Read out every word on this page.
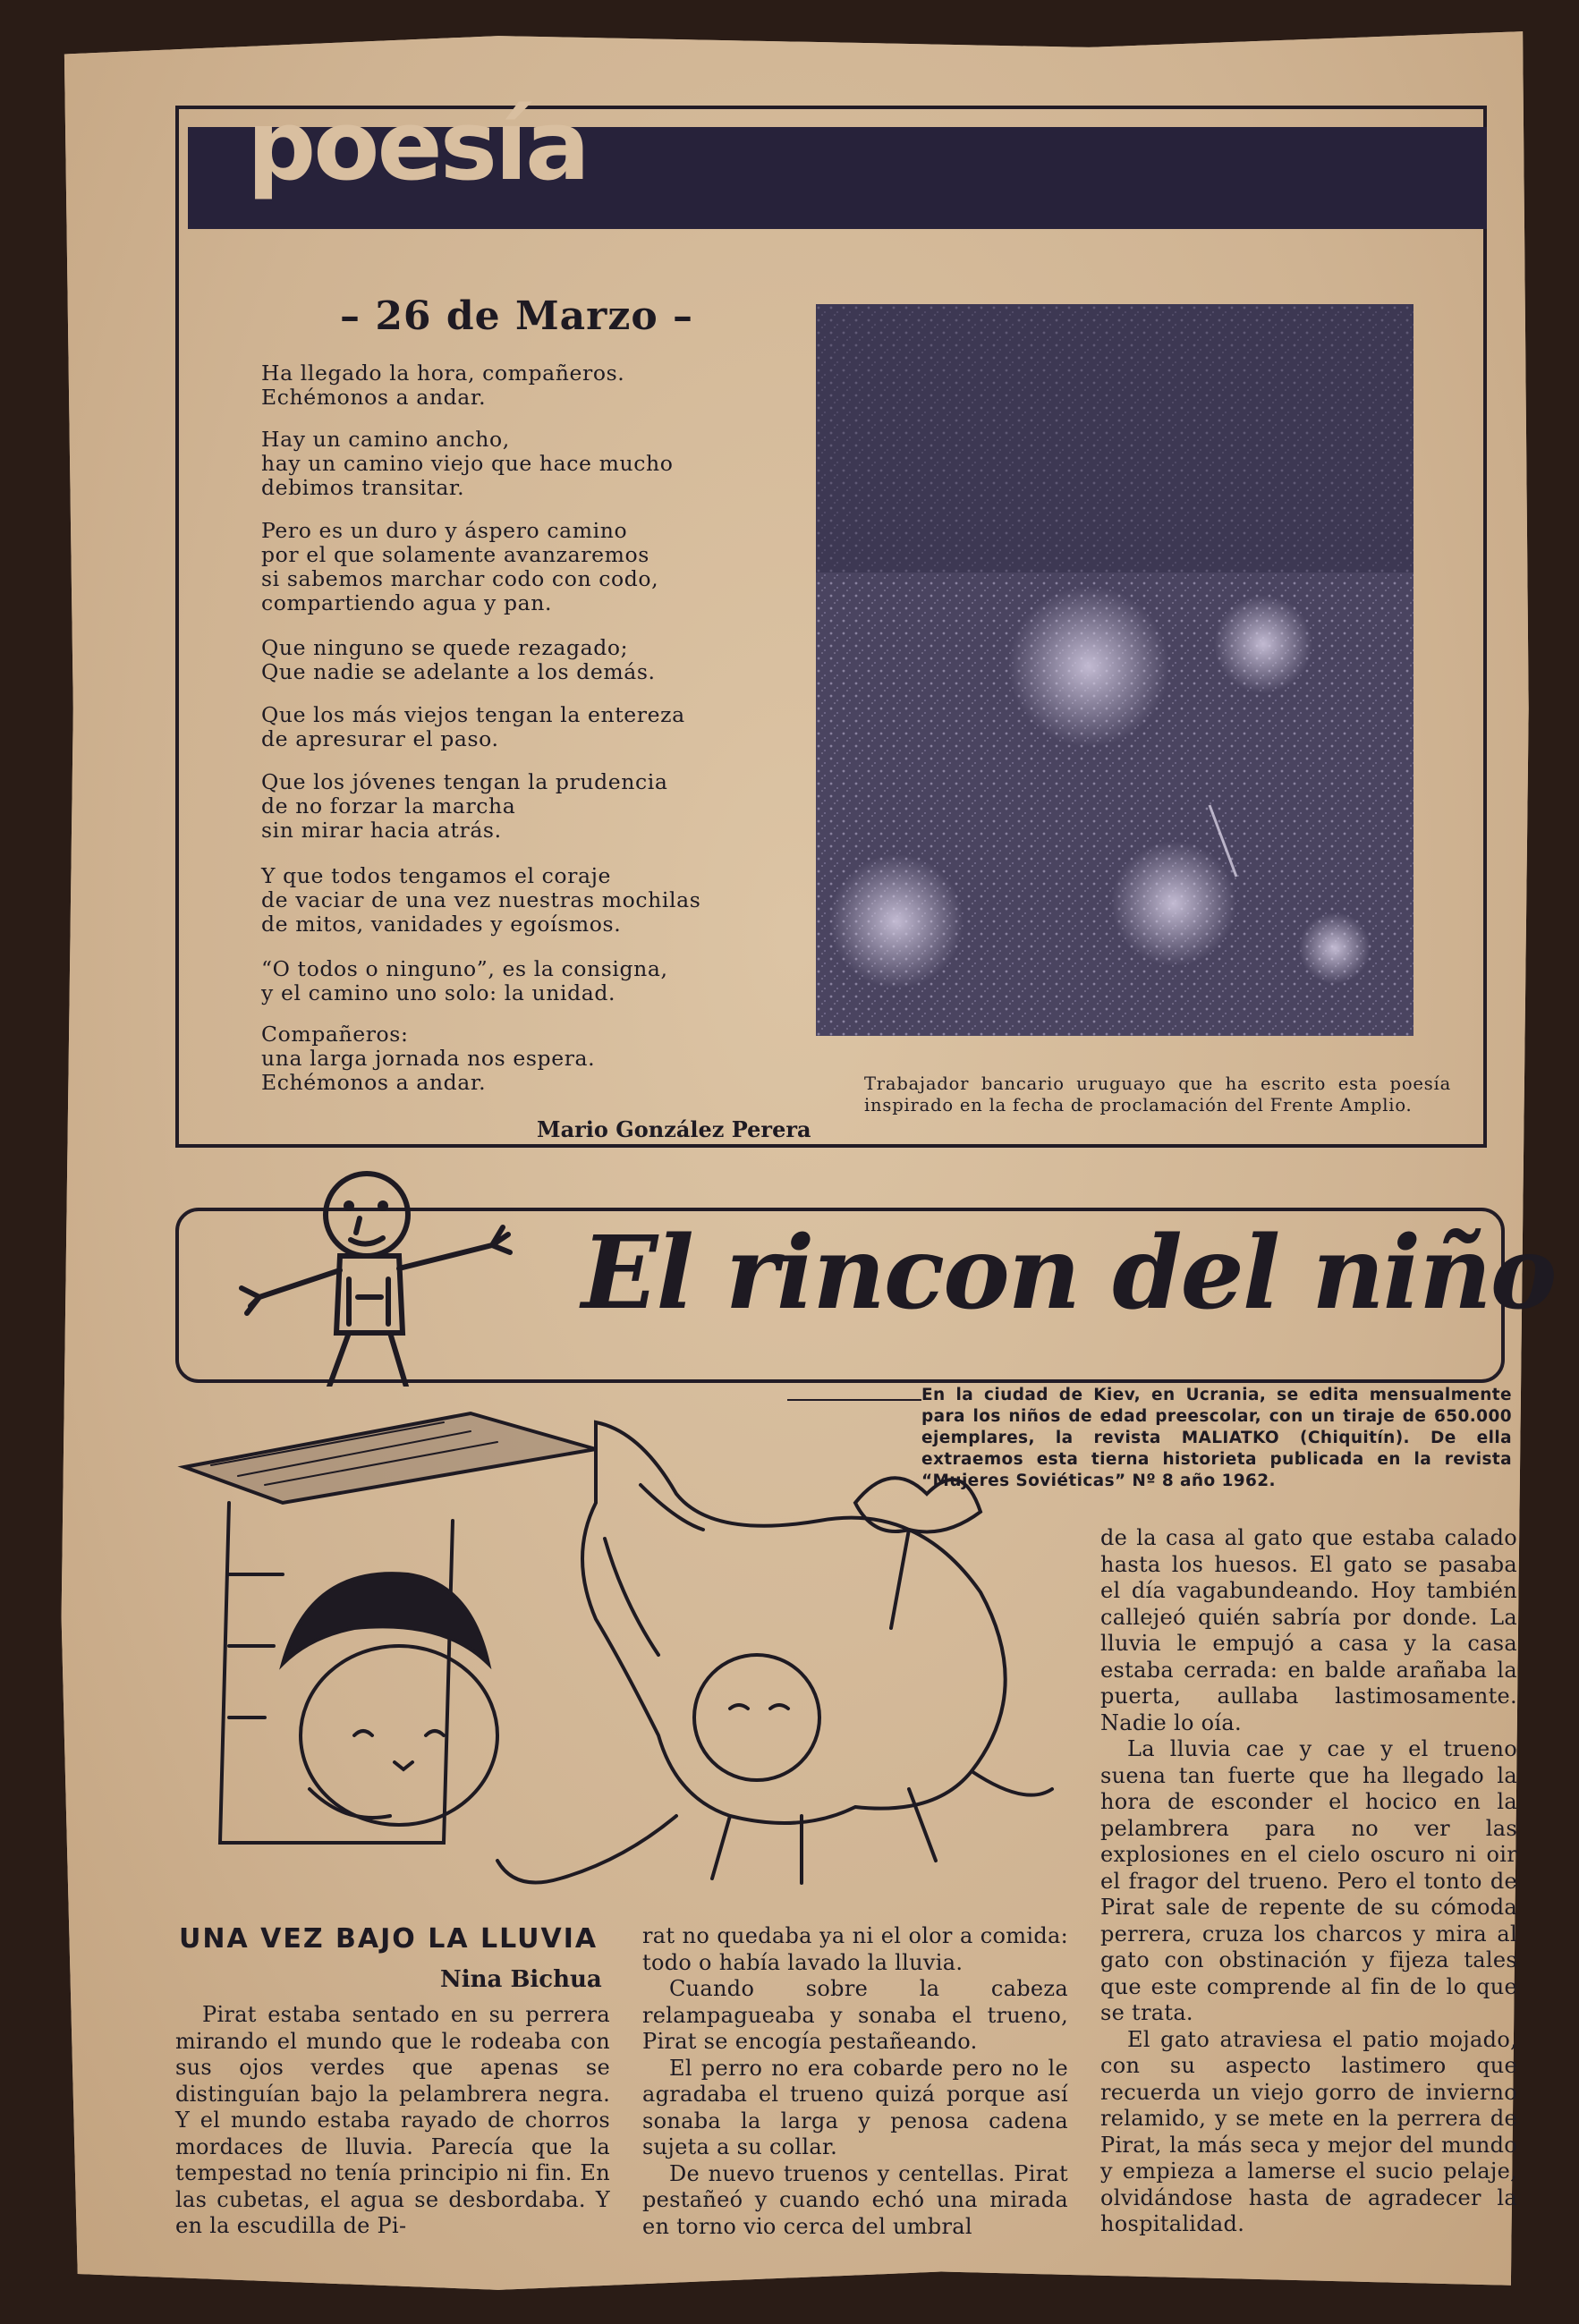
poesía
– 26 de Marzo –
Ha llegado la hora, compañeros.
Echémonos a andar.
Hay un camino ancho,
hay un camino viejo que hace mucho
debimos transitar.
Pero es un duro y áspero camino
por el que solamente avanzaremos
si sabemos marchar codo con codo,
compartiendo agua y pan.
Que ninguno se quede rezagado;
Que nadie se adelante a los demás.
Que los más viejos tengan la entereza
de apresurar el paso.
Que los jóvenes tengan la prudencia
de no forzar la marcha
sin mirar hacia atrás.
Y que todos tengamos el coraje
de vaciar de una vez nuestras mochilas
de mitos, vanidades y egoísmos.
“O todos o ninguno”, es la consigna,
y el camino uno solo: la unidad.
Compañeros:
una larga jornada nos espera.
Echémonos a andar.
Mario González Perera
Trabajador bancario uruguayo que ha escrito esta poesía inspirado en la fecha de proclamación del Frente Amplio.
El rincon del niño
En la ciudad de Kiev, en Ucrania, se edita mensualmente para los niños de edad preescolar, con un tiraje de 650.000 ejemplares, la revista MALIATKO (Chiquitín). De ella extraemos esta tierna historieta publicada en la revista “Mujeres Soviéticas” Nº 8 año 1962.
UNA VEZ BAJO LA LLUVIA
Nina Bichua

Pirat estaba sentado en su perrera mirando el mundo que le rodeaba con sus ojos verdes que apenas se distinguían bajo la pelambrera negra. Y el mundo estaba rayado de chorros mordaces de lluvia. Parecía que la tempestad no tenía principio ni fin. En las cubetas, el agua se desbordaba. Y en la escudilla de Pi-

rat no quedaba ya ni el olor a comida: todo o había lavado la lluvia.

Cuando sobre la cabeza relampagueaba y sonaba el trueno, Pirat se encogía pestañeando.

El perro no era cobarde pero no le agradaba el trueno quizá porque así sonaba la larga y penosa cadena sujeta a su collar.

De nuevo truenos y centellas. Pirat pestañeó y cuando echó una mirada en torno vio cerca del umbral

de la casa al gato que estaba calado hasta los huesos. El gato se pasaba el día vagabundeando. Hoy también callejeó quién sabría por donde. La lluvia le empujó a casa y la casa estaba cerrada: en balde arañaba la puerta, aullaba lastimosamente. Nadie lo oía.

La lluvia cae y cae y el trueno suena tan fuerte que ha llegado la hora de esconder el hocico en la pelambrera para no ver las explosiones en el cielo oscuro ni oir el fragor del trueno. Pero el tonto de Pirat sale de repente de su cómoda perrera, cruza los charcos y mira al gato con obstinación y fijeza tales que este comprende al fin de lo que se trata.

El gato atraviesa el patio mojado, con su aspecto lastimero que recuerda un viejo gorro de invierno relamido, y se mete en la perrera de Pirat, la más seca y mejor del mundo y empieza a lamerse el sucio pelaje, olvidándose hasta de agradecer la hospitalidad.
